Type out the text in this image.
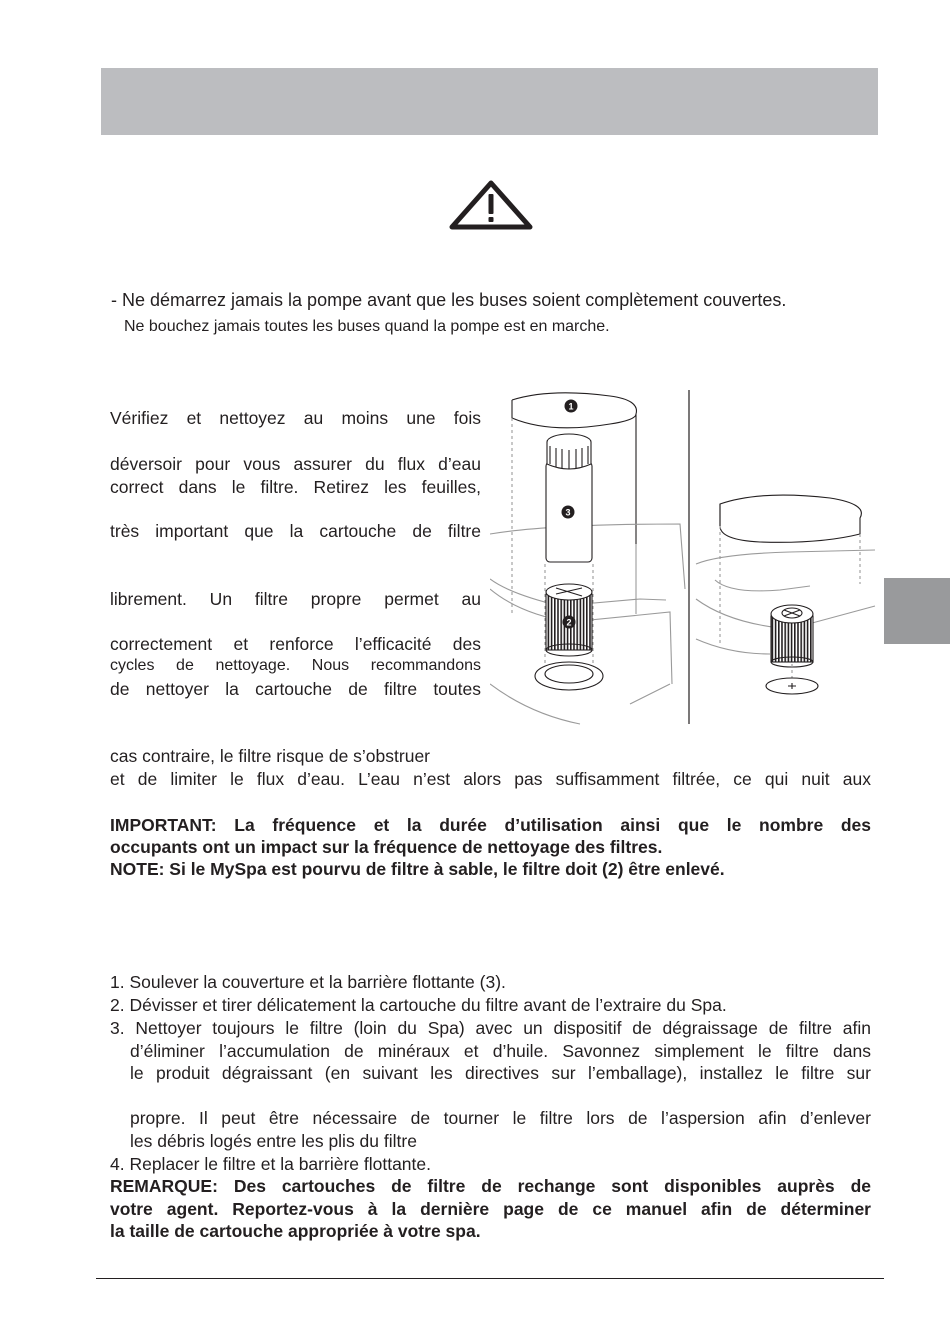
- Ne démarrez jamais la pompe avant que les buses soient complètement couvertes.
Ne bouchez jamais toutes les buses quand la pompe est en marche.
Vérifiez et nettoyez au moins une fois
déversoir pour vous assurer du flux d’eau
correct dans le filtre. Retirez les feuilles,
très important que la cartouche de filtre
librement. Un filtre propre permet au
correctement et renforce l’efficacité des
cycles de nettoyage. Nous recommandons
de nettoyer la cartouche de filtre toutes
cas contraire, le filtre risque de s’obstruer
et de limiter le flux d’eau. L’eau n’est alors pas suffisamment filtrée, ce qui nuit aux
IMPORTANT: La fréquence et la durée d’utilisation ainsi que le nombre des
occupants ont un impact sur la fréquence de nettoyage des filtres.
NOTE: Si le MySpa est pourvu de filtre à sable, le filtre doit (2) être enlevé.
1. Soulever la couverture et la barrière flottante (3).
2. Dévisser et tirer délicatement la cartouche du filtre avant de l’extraire du Spa.
3. Nettoyer toujours le filtre (loin du Spa) avec un dispositif de dégraissage de filtre afin
d’éliminer l’accumulation de minéraux et d’huile. Savonnez simplement le filtre dans
le produit dégraissant (en suivant les directives sur l’emballage), installez le filtre sur
propre. Il peut être nécessaire de tourner le filtre lors de l’aspersion afin d’enlever
les débris logés entre les plis du filtre
4. Replacer le filtre et la barrière flottante.
REMARQUE: Des cartouches de filtre de rechange sont disponibles auprès de
votre agent. Reportez-vous à la dernière page de ce manuel afin de déterminer
la taille de cartouche appropriée à votre spa.
1
3
2
